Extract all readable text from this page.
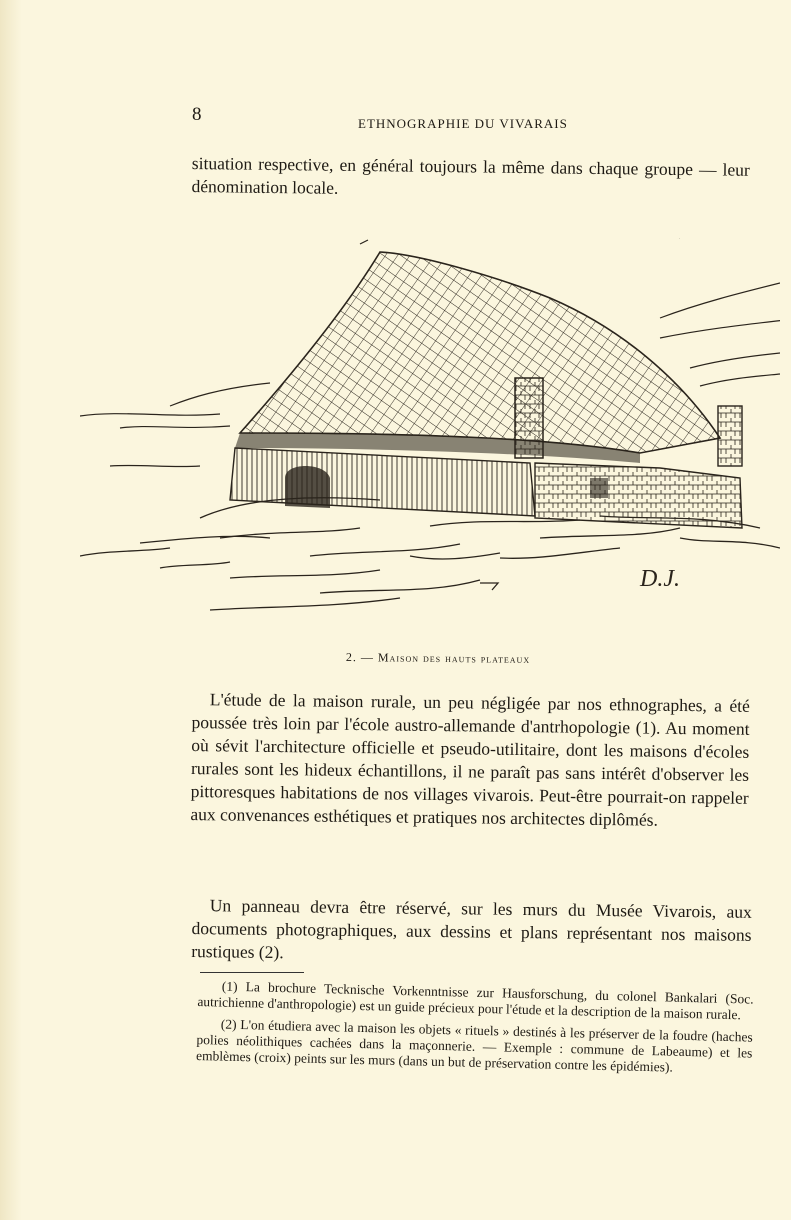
8	ETHNOGRAPHIE DU VIVARAIS

situation respective, en général toujours la même dans chaque groupe — leur dénomination locale.

D.J.
2. — Maison des hauts plateaux

L'étude de la maison rurale, un peu négligée par nos ethnographes, a été poussée très loin par l'école austro-allemande d'antrhopologie (1). Au moment où sévit l'architecture officielle et pseudo-utilitaire, dont les maisons d'écoles rurales sont les hideux échantillons, il ne paraît pas sans intérêt d'observer les pittoresques habitations de nos villages vivarois. Peut-être pourrait-on rappeler aux convenances esthétiques et pratiques nos architectes diplômés.

Un panneau devra être réservé, sur les murs du Musée Vivarois, aux documents photographiques, aux dessins et plans représentant nos maisons rustiques (2).

(1) La brochure Tecknische Vorkenntnisse zur Hausforschung, du colonel Bankalari (Soc. autrichienne d'anthropologie) est un guide précieux pour l'étude et la description de la maison rurale.

(2) L'on étudiera avec la maison les objets « rituels » destinés à les préserver de la foudre (haches polies néolithiques cachées dans la maçonnerie. — Exemple : commune de Labeaume) et les emblèmes (croix) peints sur les murs (dans un but de préservation contre les épidémies).
